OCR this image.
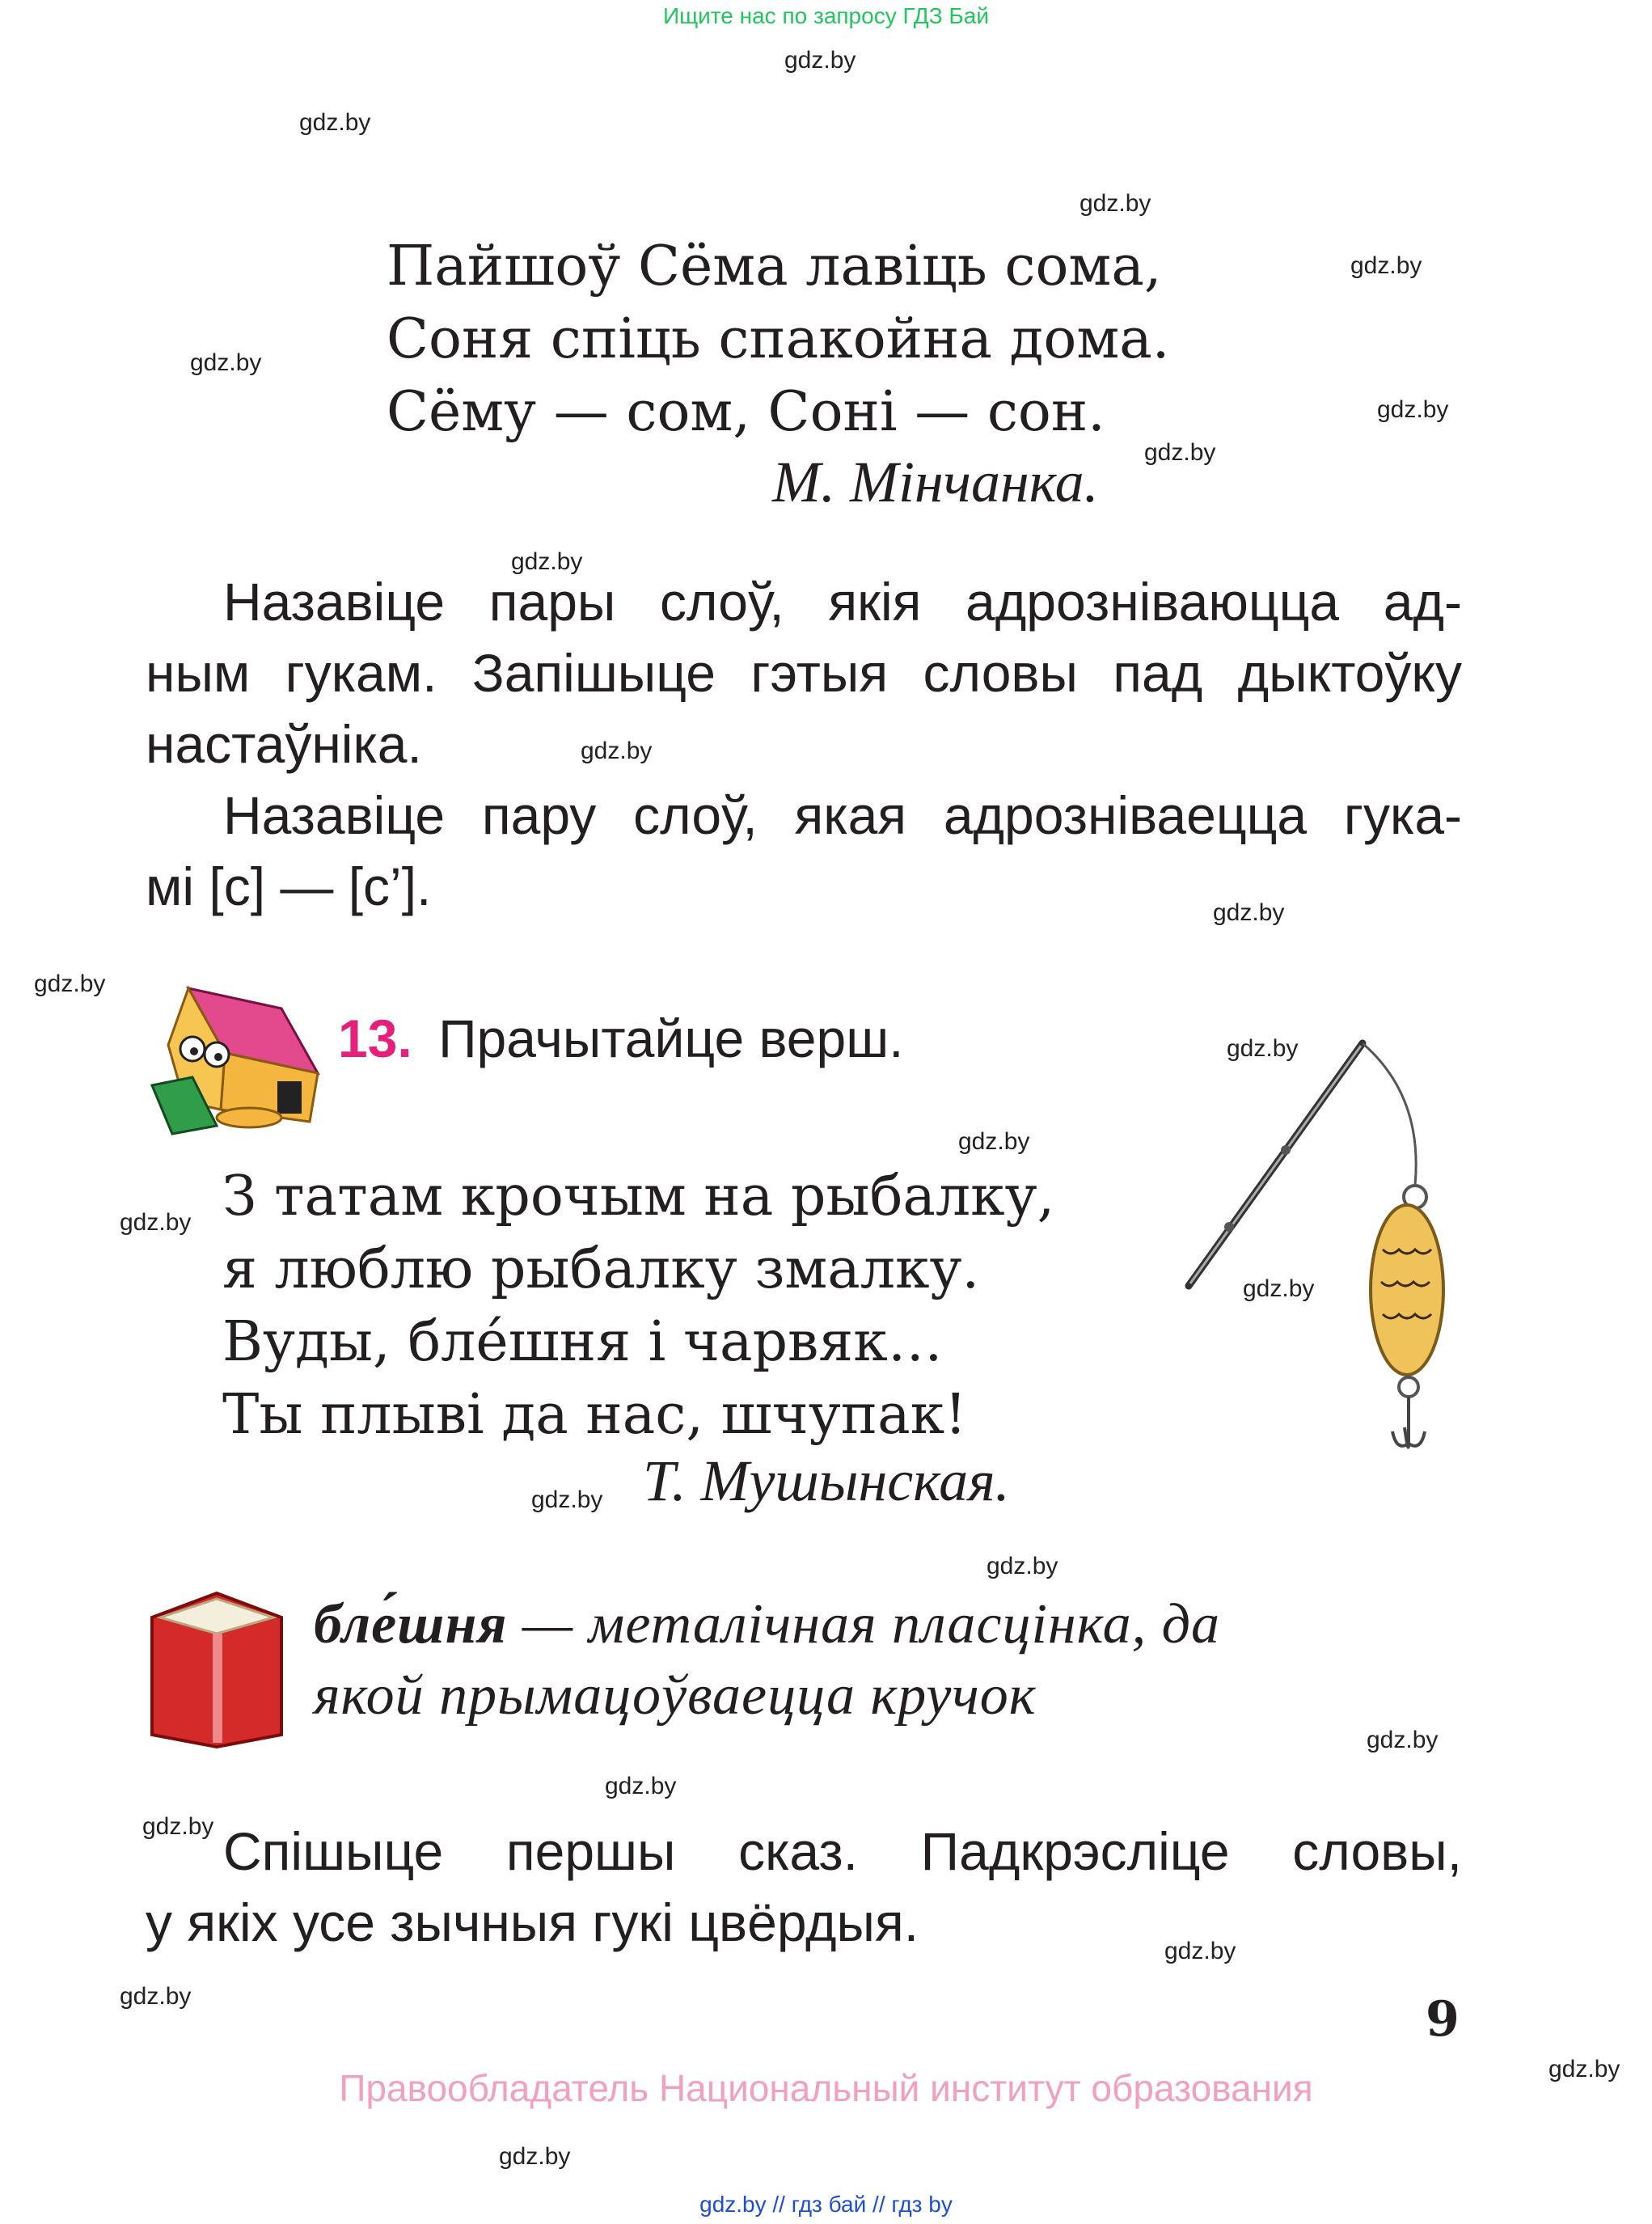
Ищите нас по запросу ГДЗ Бай
gdz.by
gdz.by
gdz.by
gdz.by
gdz.by
gdz.by
gdz.by
gdz.by
gdz.by
gdz.by
gdz.by
gdz.by
gdz.by
gdz.by
gdz.by
gdz.by
gdz.by
gdz.by
gdz.by
gdz.by
gdz.by
gdz.by
gdz.by
gdz.by
Пайшоў Сёма лавіць сома,
Соня спіць спакойна дома.
Сёму — сом, Соні — сон.
М. Мінчанка.
Назавіце пары слоў, якія адрозніваюцца ад-
ным гукам. Запішыце гэтыя словы пад дыктоўку
настаўніка.
Назавіце пару слоў, якая адрозніваецца гука-
мі [с] — [с’].
13. Прачытайце верш.
З татам крочым на рыбалку,
я люблю рыбалку змалку.
Вуды, бле́шня і чарвяк…
Ты плыві да нас, шчупак!
Т. Мушынская.
бле́шня — металічная пласцінка, да
якой прымацоўваецца кручок
Спішыце першы сказ. Падкрэсліце словы,
у якіх усе зычныя гукі цвёрдыя.
9
Правообладатель Национальный институт образования
gdz.by // гдз бай // гдз by
